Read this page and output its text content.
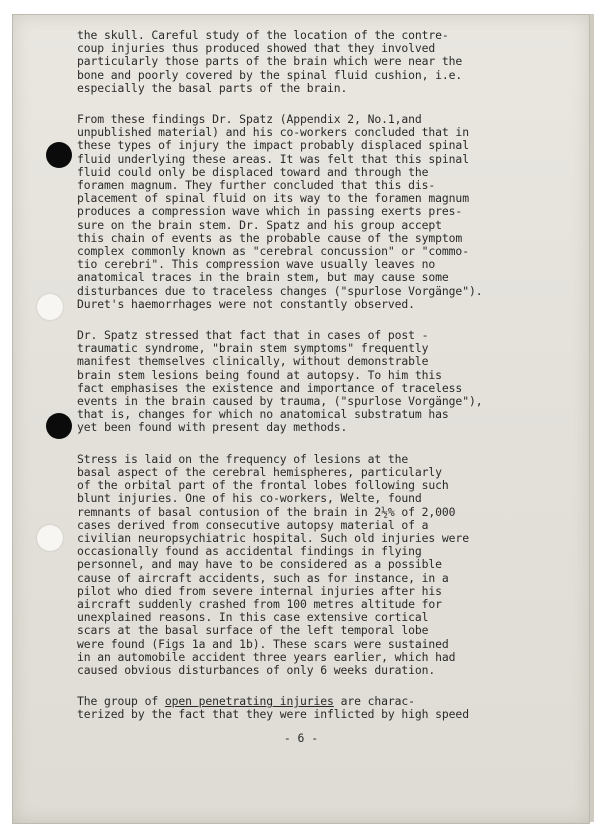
the skull. Careful study of the location of the contre-
coup injuries thus produced showed that they involved
particularly those parts of the brain which were near the
bone and poorly covered by the spinal fluid cushion, i.e.
especially the basal parts of the brain.
From these findings Dr. Spatz (Appendix 2, No.1,and
unpublished material) and his co-workers concluded that in
these types of injury the impact probably displaced spinal
fluid underlying these areas. It was felt that this spinal
fluid could only be displaced toward and through the
foramen magnum. They further concluded that this dis-
placement of spinal fluid on its way to the foramen magnum
produces a compression wave which in passing exerts pres-
sure on the brain stem. Dr. Spatz and his group accept
this chain of events as the probable cause of the symptom
complex commonly known as "cerebral concussion" or "commo-
tio cerebri". This compression wave usually leaves no
anatomical traces in the brain stem, but may cause some
disturbances due to traceless changes ("spurlose Vorgänge").
Duret's haemorrhages were not constantly observed.
Dr. Spatz stressed that fact that in cases of post -
traumatic syndrome, "brain stem symptoms" frequently
manifest themselves clinically, without demonstrable
brain stem lesions being found at autopsy. To him this
fact emphasises the existence and importance of traceless
events in the brain caused by trauma, ("spurlose Vorgänge"),
that is, changes for which no anatomical substratum has
yet been found with present day methods.
Stress is laid on the frequency of lesions at the
basal aspect of the cerebral hemispheres, particularly
of the orbital part of the frontal lobes following such
blunt injuries. One of his co-workers, Welte, found
remnants of basal contusion of the brain in 2½% of 2,000
cases derived from consecutive autopsy material of a
civilian neuropsychiatric hospital. Such old injuries were
occasionally found as accidental findings in flying
personnel, and may have to be considered as a possible
cause of aircraft accidents, such as for instance, in a
pilot who died from severe internal injuries after his
aircraft suddenly crashed from 100 metres altitude for
unexplained reasons. In this case extensive cortical
scars at the basal surface of the left temporal lobe
were found (Figs 1a and 1b). These scars were sustained
in an automobile accident three years earlier, which had
caused obvious disturbances of only 6 weeks duration.
The group of open penetrating injuries are charac-
terized by the fact that they were inflicted by high speed
- 6 -
